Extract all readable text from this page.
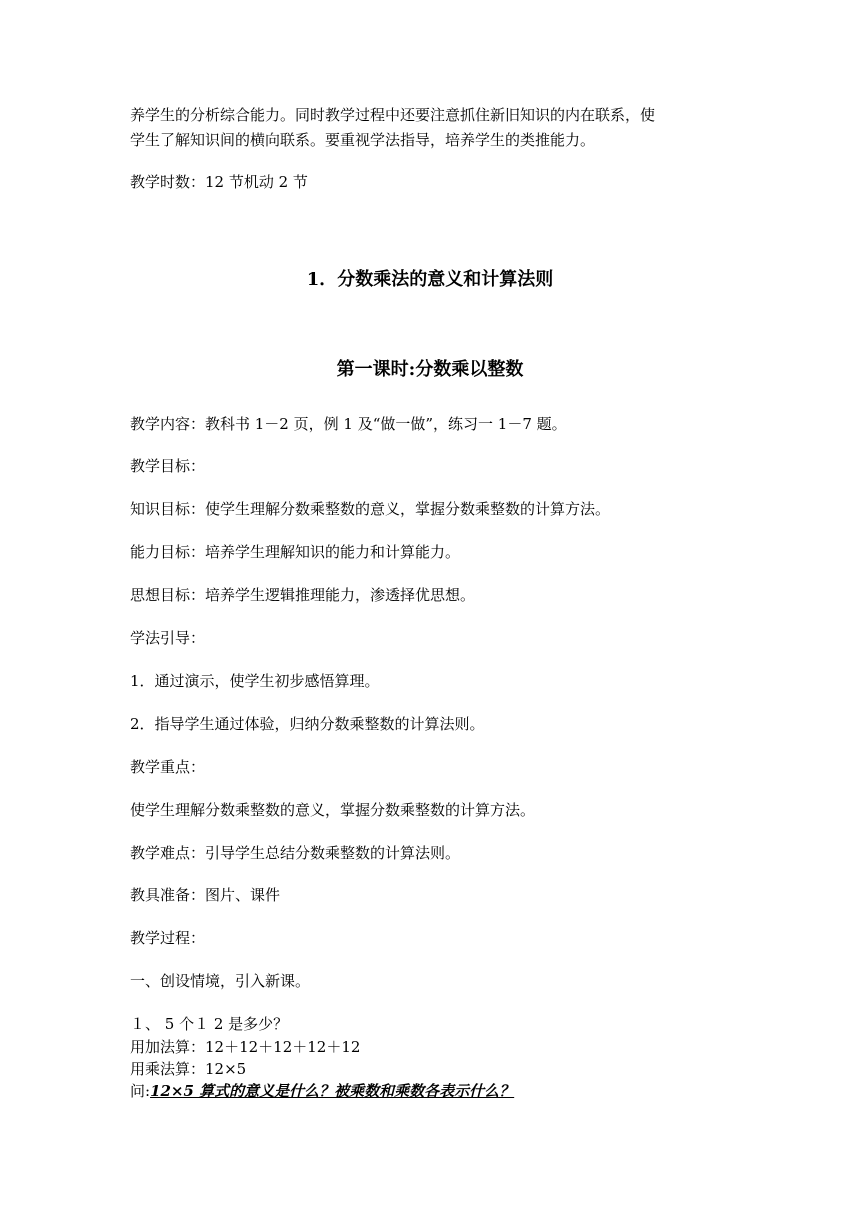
养学生的分析综合能力。同时教学过程中还要注意抓住新旧知识的内在联系，使
学生了解知识间的横向联系。要重视学法指导，培养学生的类推能力。
教学时数：12 节机动 2 节
1．分数乘法的意义和计算法则
第一课时:分数乘以整数
教学内容：教科书 1－2 页，例 1 及“做一做”，练习一 1－7 题。
教学目标：
知识目标：使学生理解分数乘整数的意义，掌握分数乘整数的计算方法。
能力目标：培养学生理解知识的能力和计算能力。
思想目标：培养学生逻辑推理能力，渗透择优思想。
学法引导：
1．通过演示，使学生初步感悟算理。
2．指导学生通过体验，归纳分数乘整数的计算法则。
教学重点：
使学生理解分数乘整数的意义，掌握分数乘整数的计算方法。
教学难点：引导学生总结分数乘整数的计算法则。
教具准备：图片、课件
教学过程：
一、创设情境，引入新课。
１、 5 个１ 2 是多少？
用加法算：12＋12＋12＋12＋12
用乘法算：12×5
问:12×5 算式的意义是什么？被乘数和乘数各表示什么？
